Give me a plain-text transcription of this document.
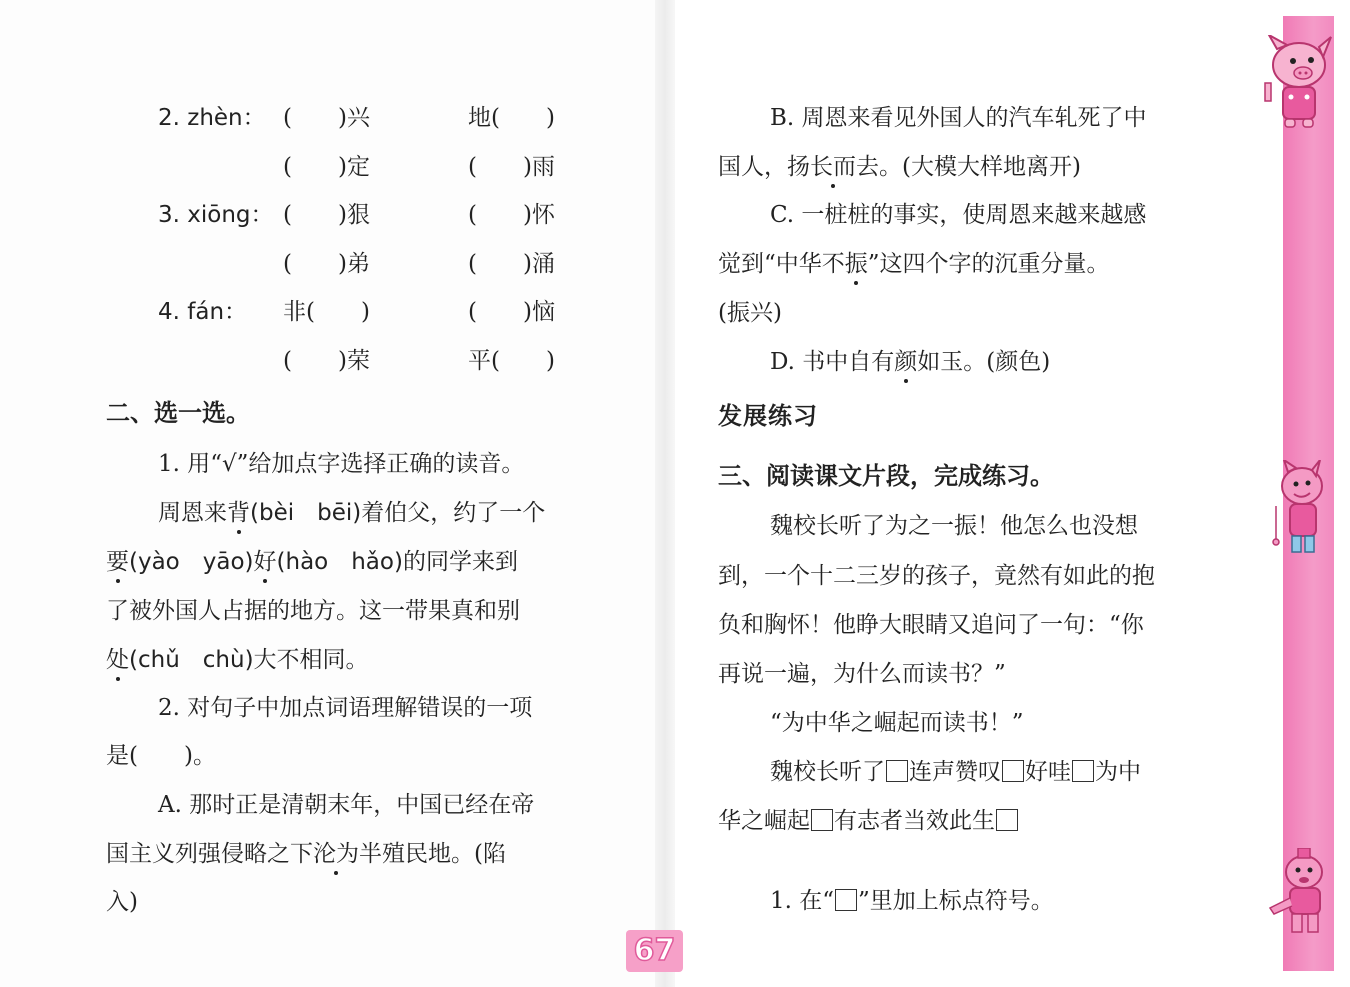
2. zhèn： (　　)兴	地(　　)
(　　)定	(　　)雨
3. xiōng： (　　)狠	(　　)怀
(　　)弟	(　　)涌
4. fán： 非(　　)	(　　)恼
(　　)荣	平(　　)
二、选一选。
1. 用“√”给加点字选择正确的读音。
周恩来背(bèi　bēi)着伯父，约了一个
要(yào　yāo)好(hào　hǎo)的同学来到
了被外国人占据的地方。这一带果真和别
处(chǔ　chù)大不相同。
2. 对句子中加点词语理解错误的一项
是(　　)。
A. 那时正是清朝末年，中国已经在帝
国主义列强侵略之下沦为半殖民地。(陷
入)
B. 周恩来看见外国人的汽车轧死了中
国人，扬长而去。(大模大样地离开)
C. 一桩桩的事实，使周恩来越来越感
觉到“中华不振”这四个字的沉重分量。
(振兴)
D. 书中自有颜如玉。(颜色)
发展练习
三、阅读课文片段，完成练习。
魏校长听了为之一振！他怎么也没想
到，一个十二三岁的孩子，竟然有如此的抱
负和胸怀！他睁大眼睛又追问了一句：“你
再说一遍，为什么而读书？”
“为中华之崛起而读书！”
魏校长听了 连声赞叹 好哇 为中
华之崛起 有志者当效此生
1. 在“ ”里加上标点符号。
67
